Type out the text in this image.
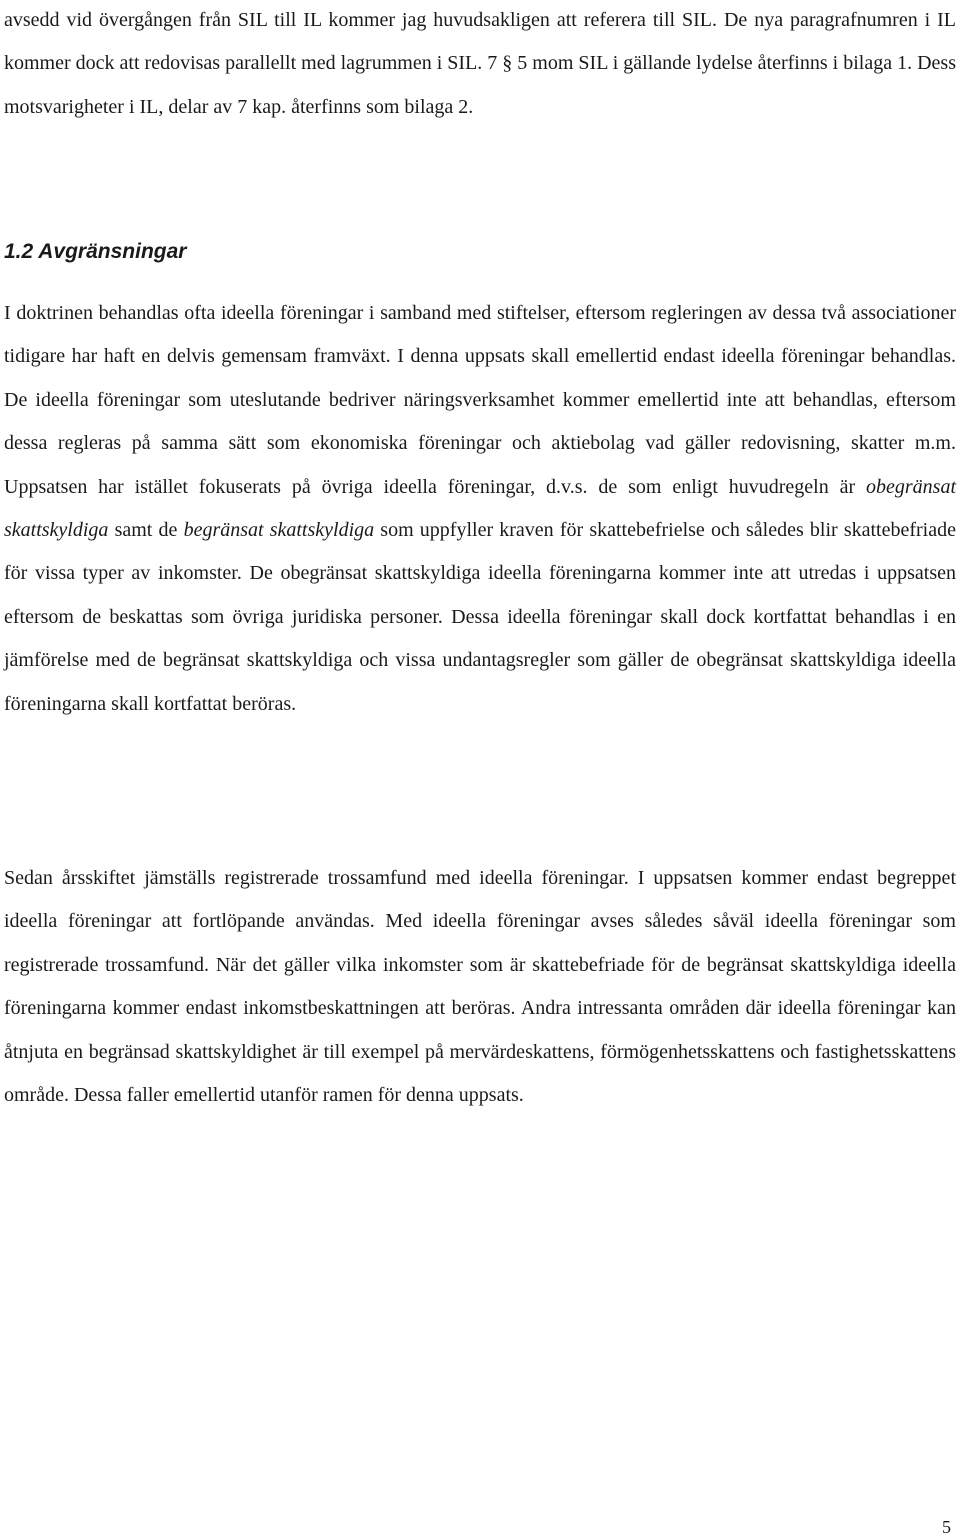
avsedd vid övergången från SIL till IL kommer jag huvudsakligen att referera till SIL. De nya paragrafnumren i IL kommer dock att redovisas parallellt med lagrummen i SIL. 7 § 5 mom SIL i gällande lydelse återfinns i bilaga 1. Dess motsvarigheter i IL, delar av 7 kap. återfinns som bilaga 2.

1.2 Avgränsningar

I doktrinen behandlas ofta ideella föreningar i samband med stiftelser, eftersom regleringen av dessa två associationer tidigare har haft en delvis gemensam framväxt. I denna uppsats skall emellertid endast ideella föreningar behandlas. De ideella föreningar som uteslutande bedriver näringsverksamhet kommer emellertid inte att behandlas, eftersom dessa regleras på samma sätt som ekonomiska föreningar och aktiebolag vad gäller redovisning, skatter m.m. Uppsatsen har istället fokuserats på övriga ideella föreningar, d.v.s. de som enligt huvudregeln är obegränsat skattskyldiga samt de begränsat skattskyldiga som uppfyller kraven för skattebefrielse och således blir skattebefriade för vissa typer av inkomster. De obegränsat skattskyldiga ideella föreningarna kommer inte att utredas i uppsatsen eftersom de beskattas som övriga juridiska personer. Dessa ideella föreningar skall dock kortfattat behandlas i en jämförelse med de begränsat skattskyldiga och vissa undantagsregler som gäller de obegränsat skattskyldiga ideella föreningarna skall kortfattat beröras.

Sedan årsskiftet jämställs registrerade trossamfund med ideella föreningar. I uppsatsen kommer endast begreppet ideella föreningar att fortlöpande användas. Med ideella föreningar avses således såväl ideella föreningar som registrerade trossamfund. När det gäller vilka inkomster som är skattebefriade för de begränsat skattskyldiga ideella föreningarna kommer endast inkomstbeskattningen att beröras. Andra intressanta områden där ideella föreningar kan åtnjuta en begränsad skattskyldighet är till exempel på mervärdeskattens, förmögenhetsskattens och fastighetsskattens område. Dessa faller emellertid utanför ramen för denna uppsats.

5
